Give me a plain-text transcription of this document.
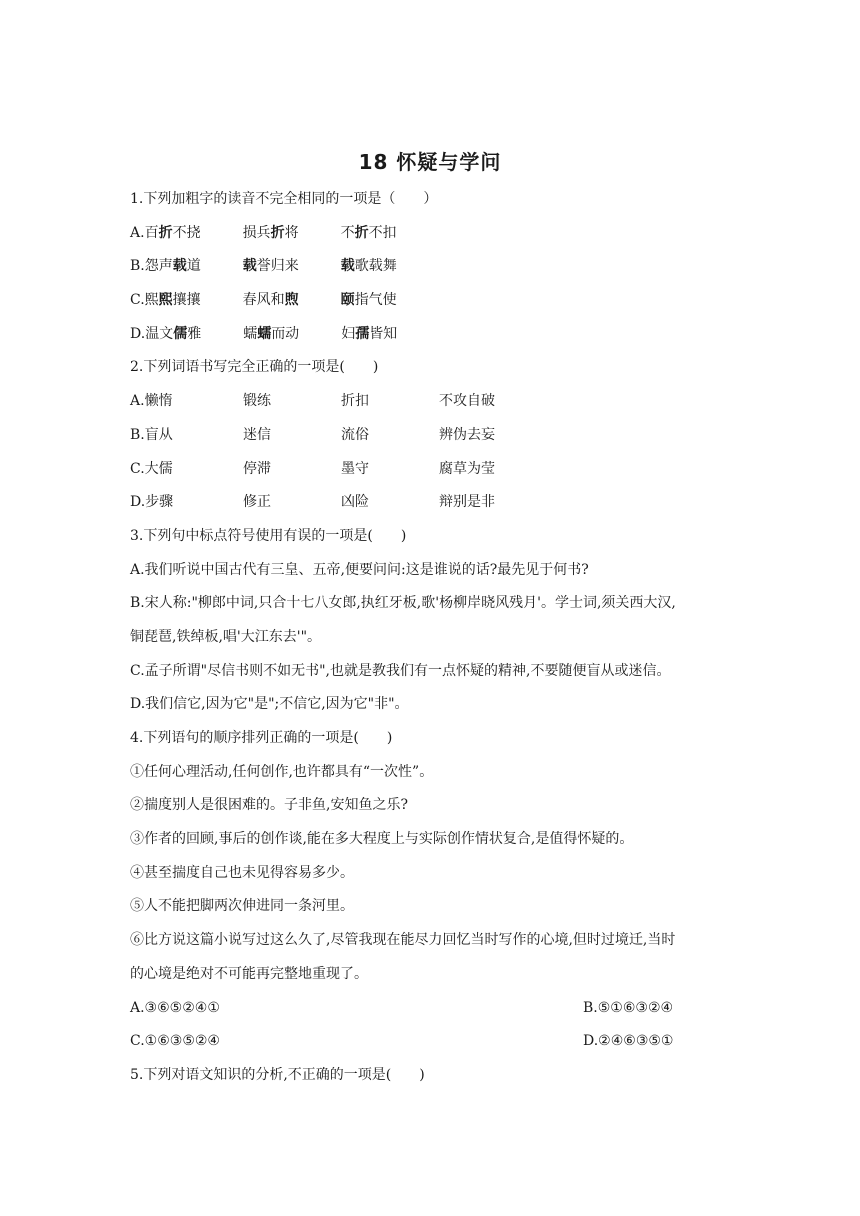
18 怀疑与学问
1.下列加粗字的读音不完全相同的一项是（　　）
A.百折不挠	损兵折将	不折不扣
B.怨声载道	载誉归来	载歌载舞
C.熙熙攘攘	春风和煦	颐指气使
D.温文儒雅	蠕蠕而动	妇孺皆知
2.下列词语书写完全正确的一项是(　　)
A.懒惰	锻练	折扣	不攻自破
B.盲从	迷信	流俗	辨伪去妄
C.大儒	停滞	墨守	腐草为莹
D.步骤	修正	凶险	辩别是非
3.下列句中标点符号使用有误的一项是(　　)
A.我们听说中国古代有三皇、五帝,便要问问:这是谁说的话?最先见于何书?
B.宋人称:"柳郎中词,只合十七八女郎,执红牙板,歌'杨柳岸晓风残月'。学士词,须关西大汉,
铜琵琶,铁绰板,唱'大江东去'"。
C.孟子所谓"尽信书则不如无书",也就是教我们有一点怀疑的精神,不要随便盲从或迷信。
D.我们信它,因为它"是";不信它,因为它"非"。
4.下列语句的顺序排列正确的一项是(　　)
①任何心理活动,任何创作,也许都具有“一次性”。
②揣度别人是很困难的。子非鱼,安知鱼之乐?
③作者的回顾,事后的创作谈,能在多大程度上与实际创作情状复合,是值得怀疑的。
④甚至揣度自己也未见得容易多少。
⑤人不能把脚两次伸进同一条河里。
⑥比方说这篇小说写过这么久了,尽管我现在能尽力回忆当时写作的心境,但时过境迁,当时
的心境是绝对不可能再完整地重现了。
A.③⑥⑤②④①	B.⑤①⑥③②④
C.①⑥③⑤②④	D.②④⑥③⑤①
5.下列对语文知识的分析,不正确的一项是(　　)
